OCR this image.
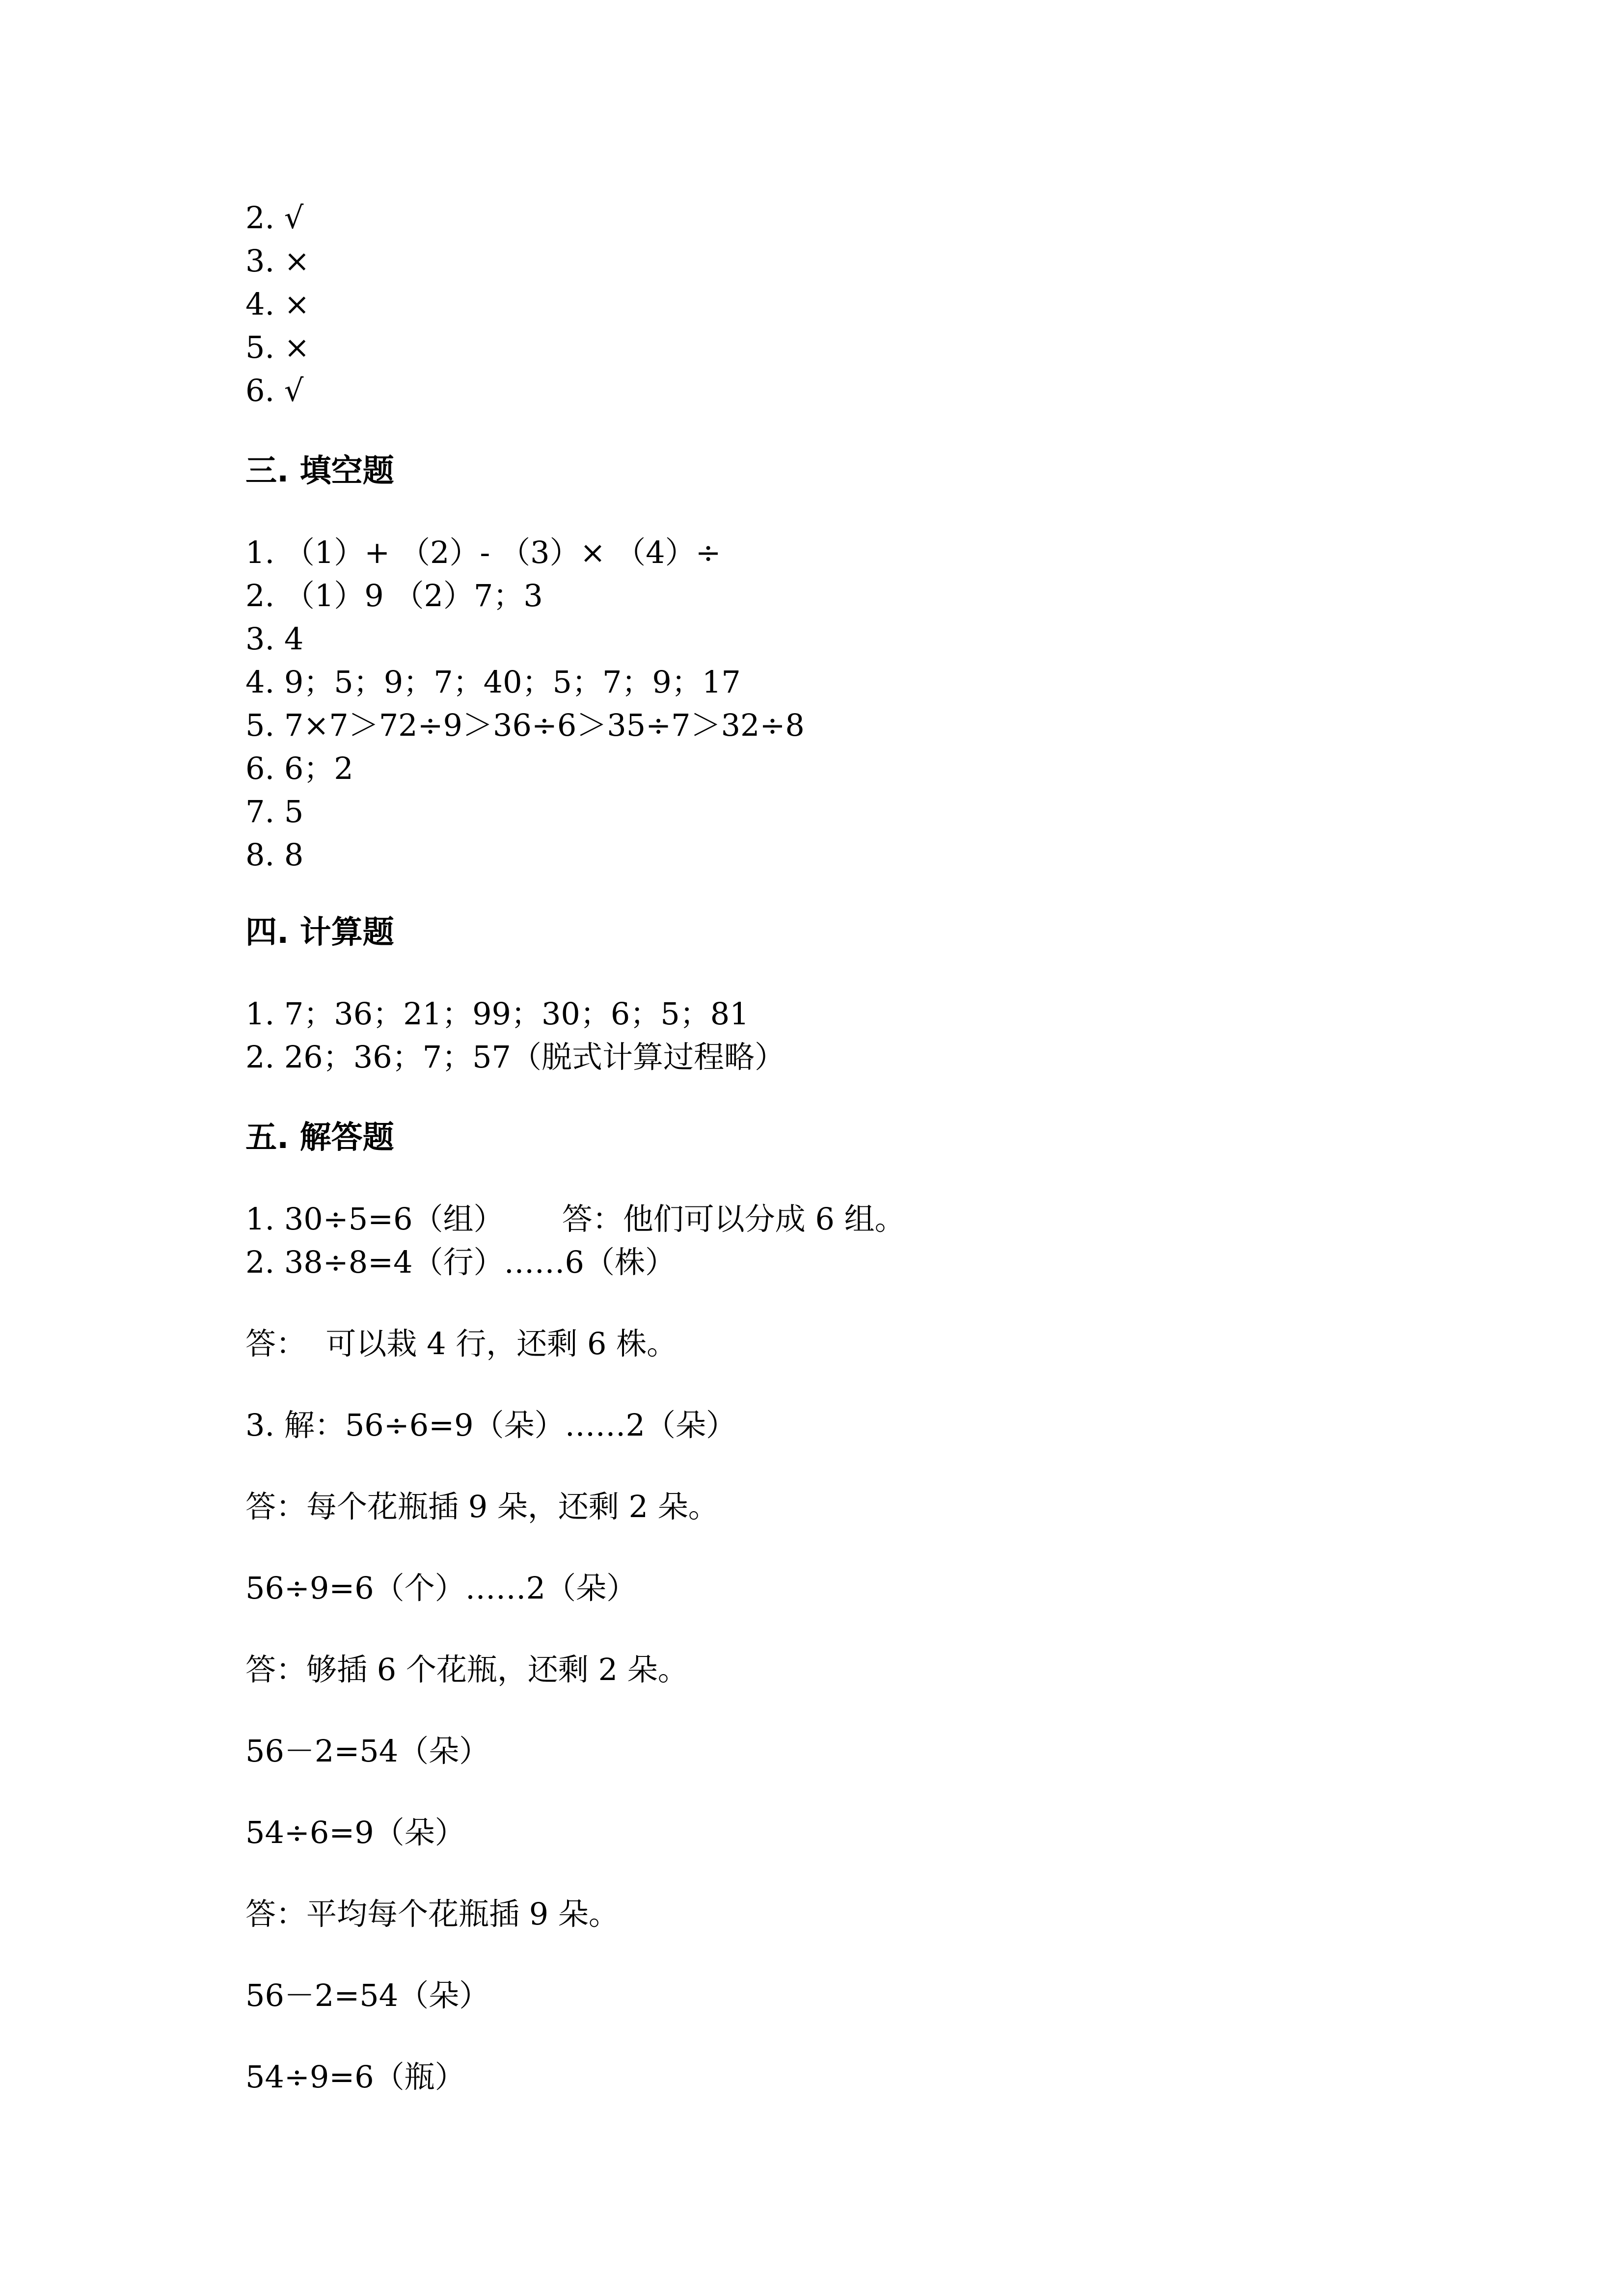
2. √
3. ×
4. ×
5. ×
6. √
三. 填空题
1. （1）+ （2）- （3）× （4）÷
2. （1）9 （2）7；3
3. 4
4. 9；5；9；7；40；5；7；9；17
5. 7×7＞72÷9＞36÷6＞35÷7＞32÷8
6. 6；2
7. 5
8. 8
四. 计算题
1. 7；36；21；99；30；6；5；81
2. 26；36；7；57（脱式计算过程略）
五. 解答题
1. 30÷5=6（组）      答：他们可以分成 6 组。
2. 38÷8=4（行）……6（株）
答：  可以栽 4 行，还剩 6 株。
3. 解：56÷6=9（朵）……2（朵）
答：每个花瓶插 9 朵，还剩 2 朵。
56÷9=6（个）……2（朵）
答：够插 6 个花瓶，还剩 2 朵。
56－2=54（朵）
54÷6=9（朵）
答：平均每个花瓶插 9 朵。
56－2=54（朵）
54÷9=6（瓶）
